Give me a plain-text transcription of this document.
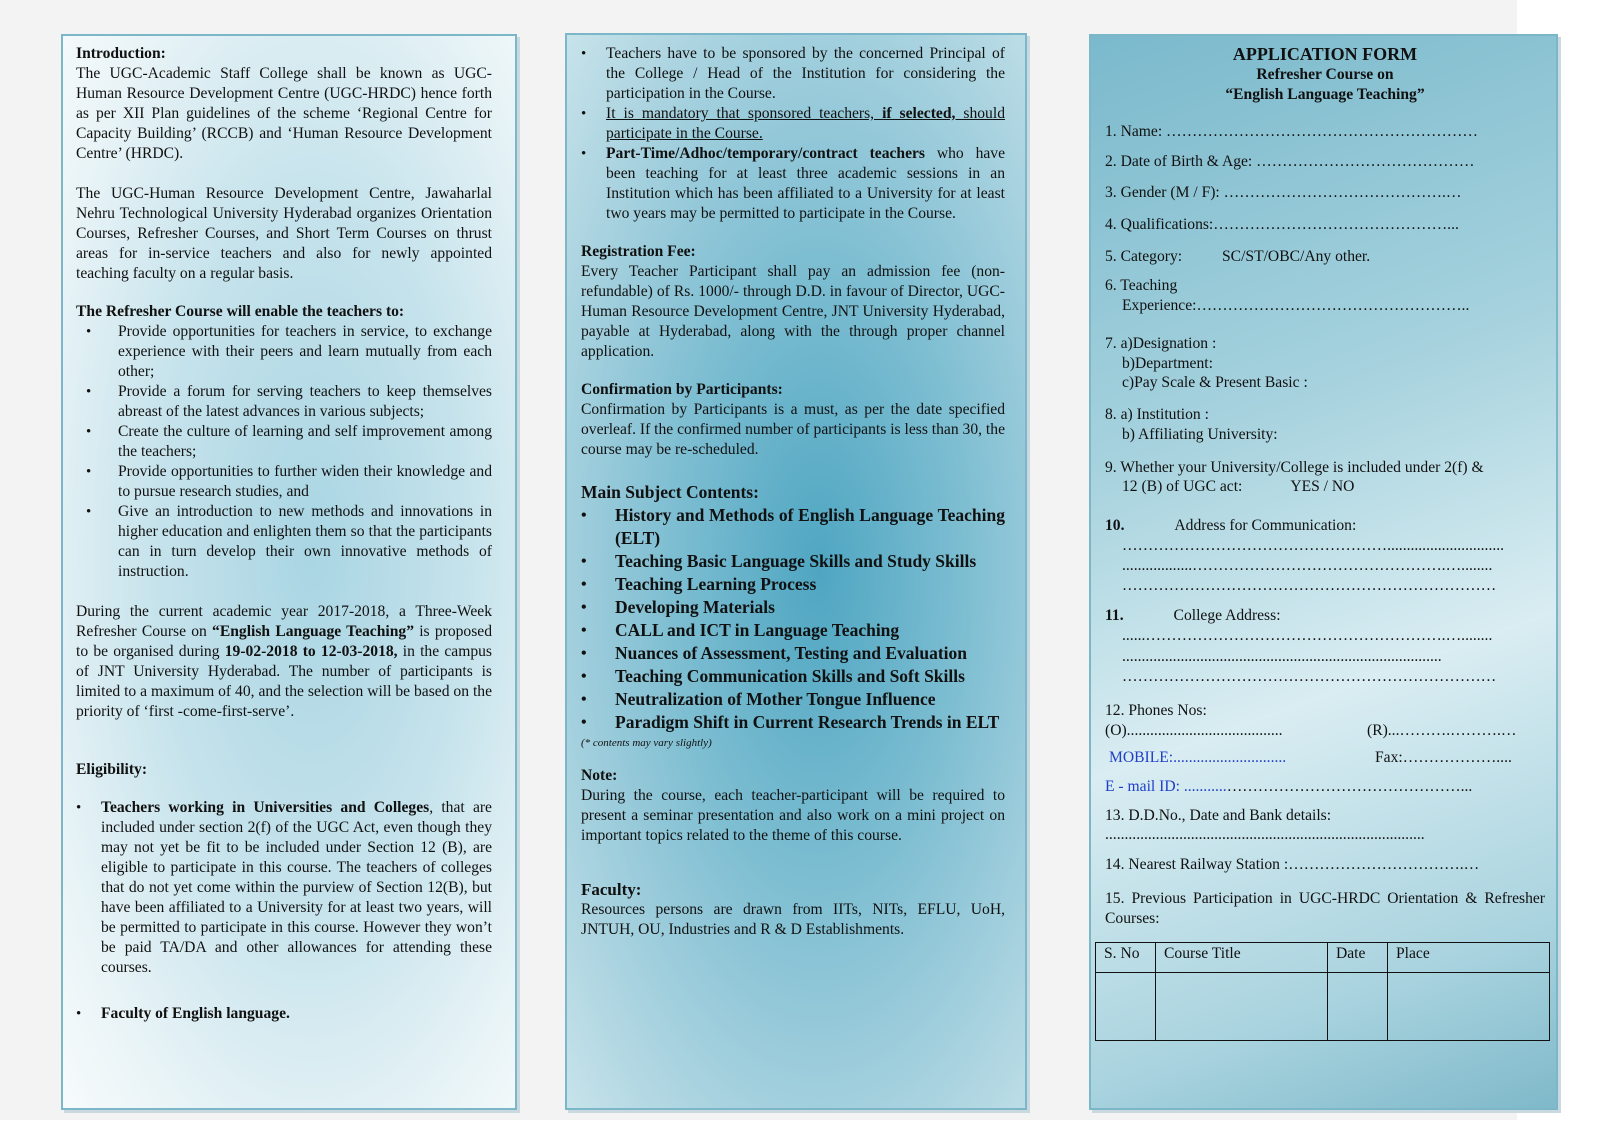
Introduction:

The UGC-Academic Staff College shall be known as UGC-Human Resource Development Centre (UGC-HRDC) hence forth as per XII Plan guidelines of the scheme ‘Regional Centre for Capacity Building’ (RCCB) and ‘Human Resource Development Centre’ (HRDC).

The UGC-Human Resource Development Centre, Jawaharlal Nehru Technological University Hyderabad organizes Orientation Courses, Refresher Courses, and Short Term Courses on thrust areas for in-service teachers and also for newly appointed teaching faculty on a regular basis.

The Refresher Course will enable the teachers to:

• Provide opportunities for teachers in service, to exchange experience with their peers and learn mutually from each other;
• Provide a forum for serving teachers to keep themselves abreast of the latest advances in various subjects;
• Create the culture of learning and self improvement among the teachers;
• Provide opportunities to further widen their knowledge and to pursue research studies, and
• Give an introduction to new methods and innovations in higher education and enlighten them so that the participants can in turn develop their own innovative methods of instruction.

During the current academic year 2017-2018, a Three-Week Refresher Course on “English Language Teaching” is proposed to be organised during 19-02-2018 to 12-03-2018, in the campus of JNT University Hyderabad. The number of participants is limited to a maximum of 40, and the selection will be based on the priority of ‘first -come-first-serve’.

Eligibility:

• Teachers working in Universities and Colleges, that are included under section 2(f) of the UGC Act, even though they may not yet be fit to be included under Section 12 (B), are eligible to participate in this course. The teachers of colleges that do not yet come within the purview of Section 12(B), but have been affiliated to a University for at least two years, will be permitted to participate in this course. However they won’t be paid TA/DA and other allowances for attending these courses.
• Faculty of English language.
• Teachers have to be sponsored by the concerned Principal of the College / Head of the Institution for considering the participation in the Course.
• It is mandatory that sponsored teachers, if selected, should participate in the Course.
• Part-Time/Adhoc/temporary/contract teachers who have been teaching for at least three academic sessions in an Institution which has been affiliated to a University for at least two years may be permitted to participate in the Course.

Registration Fee:

Every Teacher Participant shall pay an admission fee (non-refundable) of Rs. 1000/- through D.D. in favour of Director, UGC-Human Resource Development Centre, JNT University Hyderabad, payable at Hyderabad, along with the through proper channel application.

Confirmation by Participants:

Confirmation by Participants is a must, as per the date specified overleaf. If the confirmed number of participants is less than 30, the course may be re-scheduled.

Main Subject Contents:

• History and Methods of English Language Teaching (ELT)
• Teaching Basic Language Skills and Study Skills
• Teaching Learning Process
• Developing Materials
• CALL and ICT in Language Teaching
• Nuances of Assessment, Testing and Evaluation
• Teaching Communication Skills and Soft Skills
• Neutralization of Mother Tongue Influence
• Paradigm Shift in Current Research Trends in ELT

(* contents may vary slightly)

Note:

During the course, each teacher-participant will be required to present a seminar presentation and also work on a mini project on important topics related to the theme of this course.

Faculty:

Resources persons are drawn from IITs, NITs, EFLU, UoH, JNTUH, OU, Industries and R & D Establishments.

APPLICATION FORM
Refresher Course on
“English Language Teaching”
1. Name: ……………………………………………………
2. Date of Birth & Age: ……………………………………
3. Gender (M / F): …………………………………….…
4. Qualifications:………………………………………...
5. Category:	SC/ST/OBC/Any other.
6. Teaching
Experience:……………………………………………..
7. a)Designation :
b)Department:
c)Pay Scale & Present Basic :
8. a) Institution :
b) Affiliating University:
9. Whether your University/College is included under 2(f) &
12 (B) of UGC act:	YES / NO
10.	Address for Communication:
……………………………………………..............................
..................………………………………………….…........
………………………………………………………………
11.	College Address:
......………………………………………………….…........
..................................................................................
………………………………………………………………
12. Phones Nos:
(O)........................................	(R)...……….……….…
MOBILE:.............................	Fax:………………....
E - mail ID: ...........………………………………………...
13. D.D.No., Date and Bank details:
..................................................................................
14. Nearest Railway Station :…………………………….…
15. Previous Participation in UGC-HRDC Orientation & Refresher Courses:
S. No	Course Title	Date	Place
